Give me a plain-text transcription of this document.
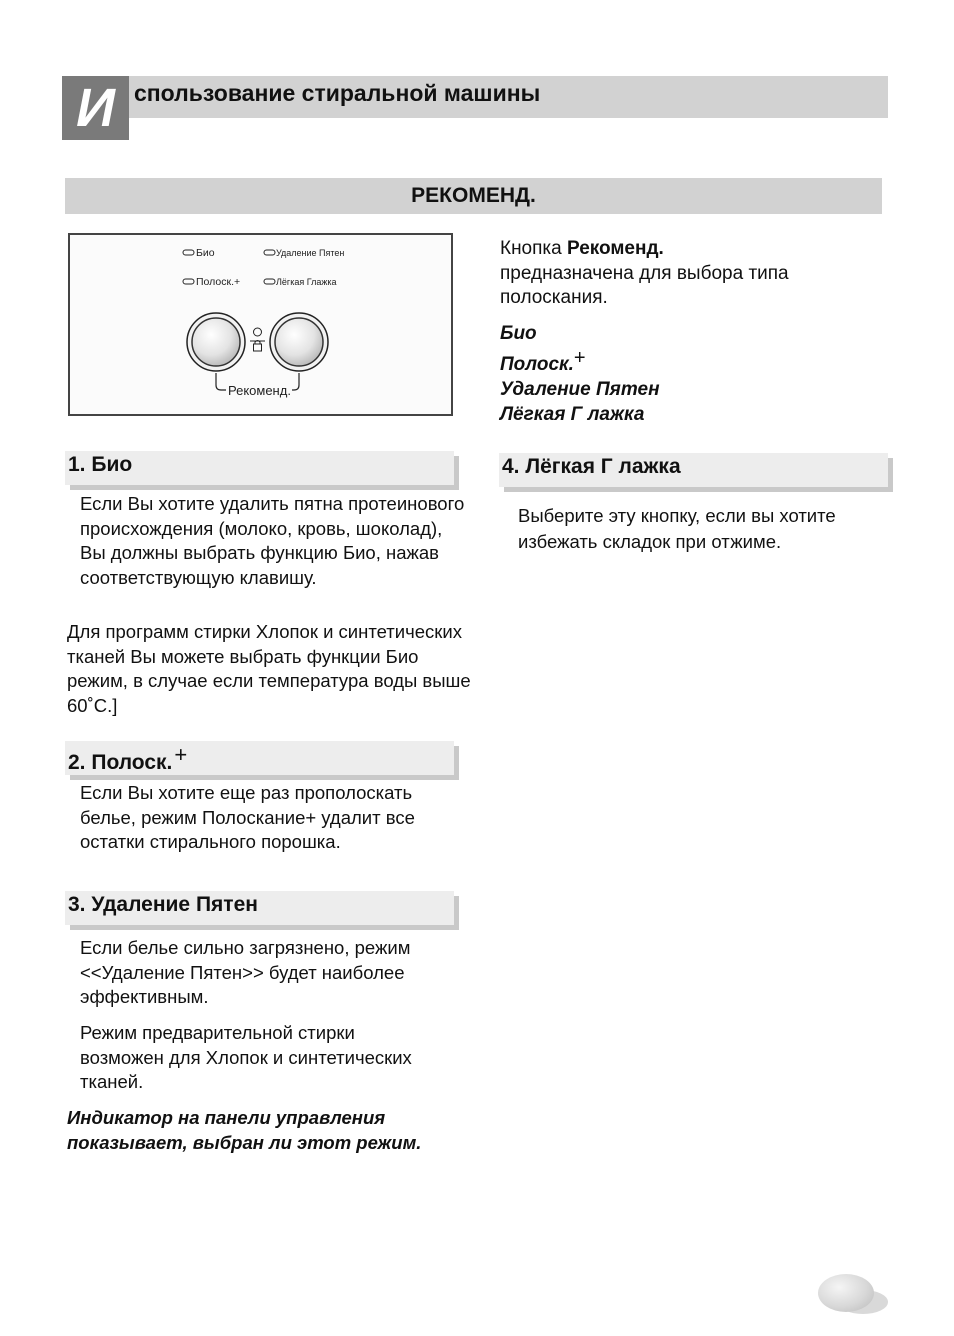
И спользование стиральной машины
РЕКОМЕНД.
Био	Удаление Пятен
Полоск.+	Лёгкая Глажка
Рекоменд.
Кнопка Рекоменд.
предназначена для выбора типа полоскания.
Био
Полоск.+
Удаление Пятен
Лёгкая Г лажка
1. Био
Если Вы хотите удалить пятна протеинового происхождения (молоко, кровь, шоколад), Вы должны выбрать функцию Био, нажав соответствующую клавишу.
Для программ стирки Хлопок и синтетических тканей Вы можете выбрать функции Био режим, в случае если температура воды выше 60˚C.]
2. Полоск.+
Если Вы хотите еще раз прополоскать белье, режим Полоскание+ удалит все остатки стирального порошка.
3. Удаление Пятен
Если белье сильно загрязнено, режим <<Удаление Пятен>> будет наиболее эффективным.
Режим предварительной стирки возможен для Хлопок и синтетических тканей.
Индикатор на панели управления показывает, выбран ли этот режим.
4. Лёгкая Г лажка
Выберите эту кнопку, если вы хотите избежать складок при отжиме.
